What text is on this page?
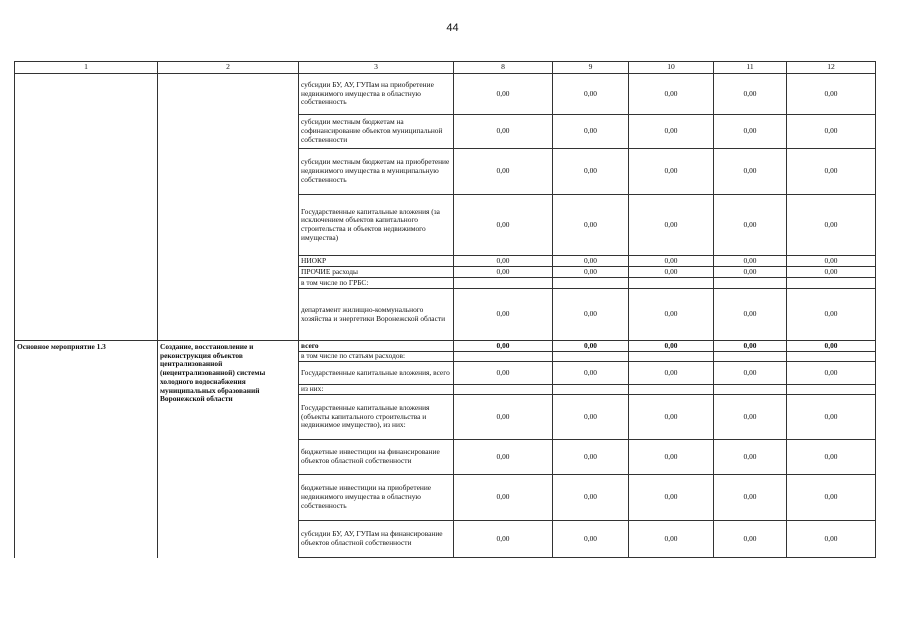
44
1	2	3	8	9	10	11	12
		субсидии БУ, АУ, ГУПам на приобретение недвижимого имущества в областную собственность	0,00	0,00	0,00	0,00	0,00
		субсидии местным бюджетам на софинансирование объектов муниципальной собственности	0,00	0,00	0,00	0,00	0,00
		субсидии местным бюджетам на приобретение недвижимого имущества в муниципальную собственность	0,00	0,00	0,00	0,00	0,00
		Государственные капитальные вложения (за исключением объектов капитального строительства и объектов недвижимого имущества)	0,00	0,00	0,00	0,00	0,00
		НИОКР	0,00	0,00	0,00	0,00	0,00
		ПРОЧИЕ расходы	0,00	0,00	0,00	0,00	0,00
		в том числе по ГРБС:					
		департамент жилищно-коммунального хозяйства и энергетики Воронежской области	0,00	0,00	0,00	0,00	0,00
Основное мероприятие 1.3	Создание, восстановление и реконструкция объектов централизованной (нецентрализованной) системы холодного водоснабжения муниципальных образований Воронежской области	всего	0,00	0,00	0,00	0,00	0,00
		в том числе по статьям расходов:					
		Государственные капитальные вложения, всего	0,00	0,00	0,00	0,00	0,00
		из них:					
		Государственные капитальные вложения (объекты капитального строительства и недвижимое имущество), из них:	0,00	0,00	0,00	0,00	0,00
		бюджетные инвестиции на финансирование объектов областной собственности	0,00	0,00	0,00	0,00	0,00
		бюджетные инвестиции на приобретение недвижимого имущества в областную собственность	0,00	0,00	0,00	0,00	0,00
		субсидии БУ, АУ, ГУПам на финансирование объектов областной собственности	0,00	0,00	0,00	0,00	0,00
